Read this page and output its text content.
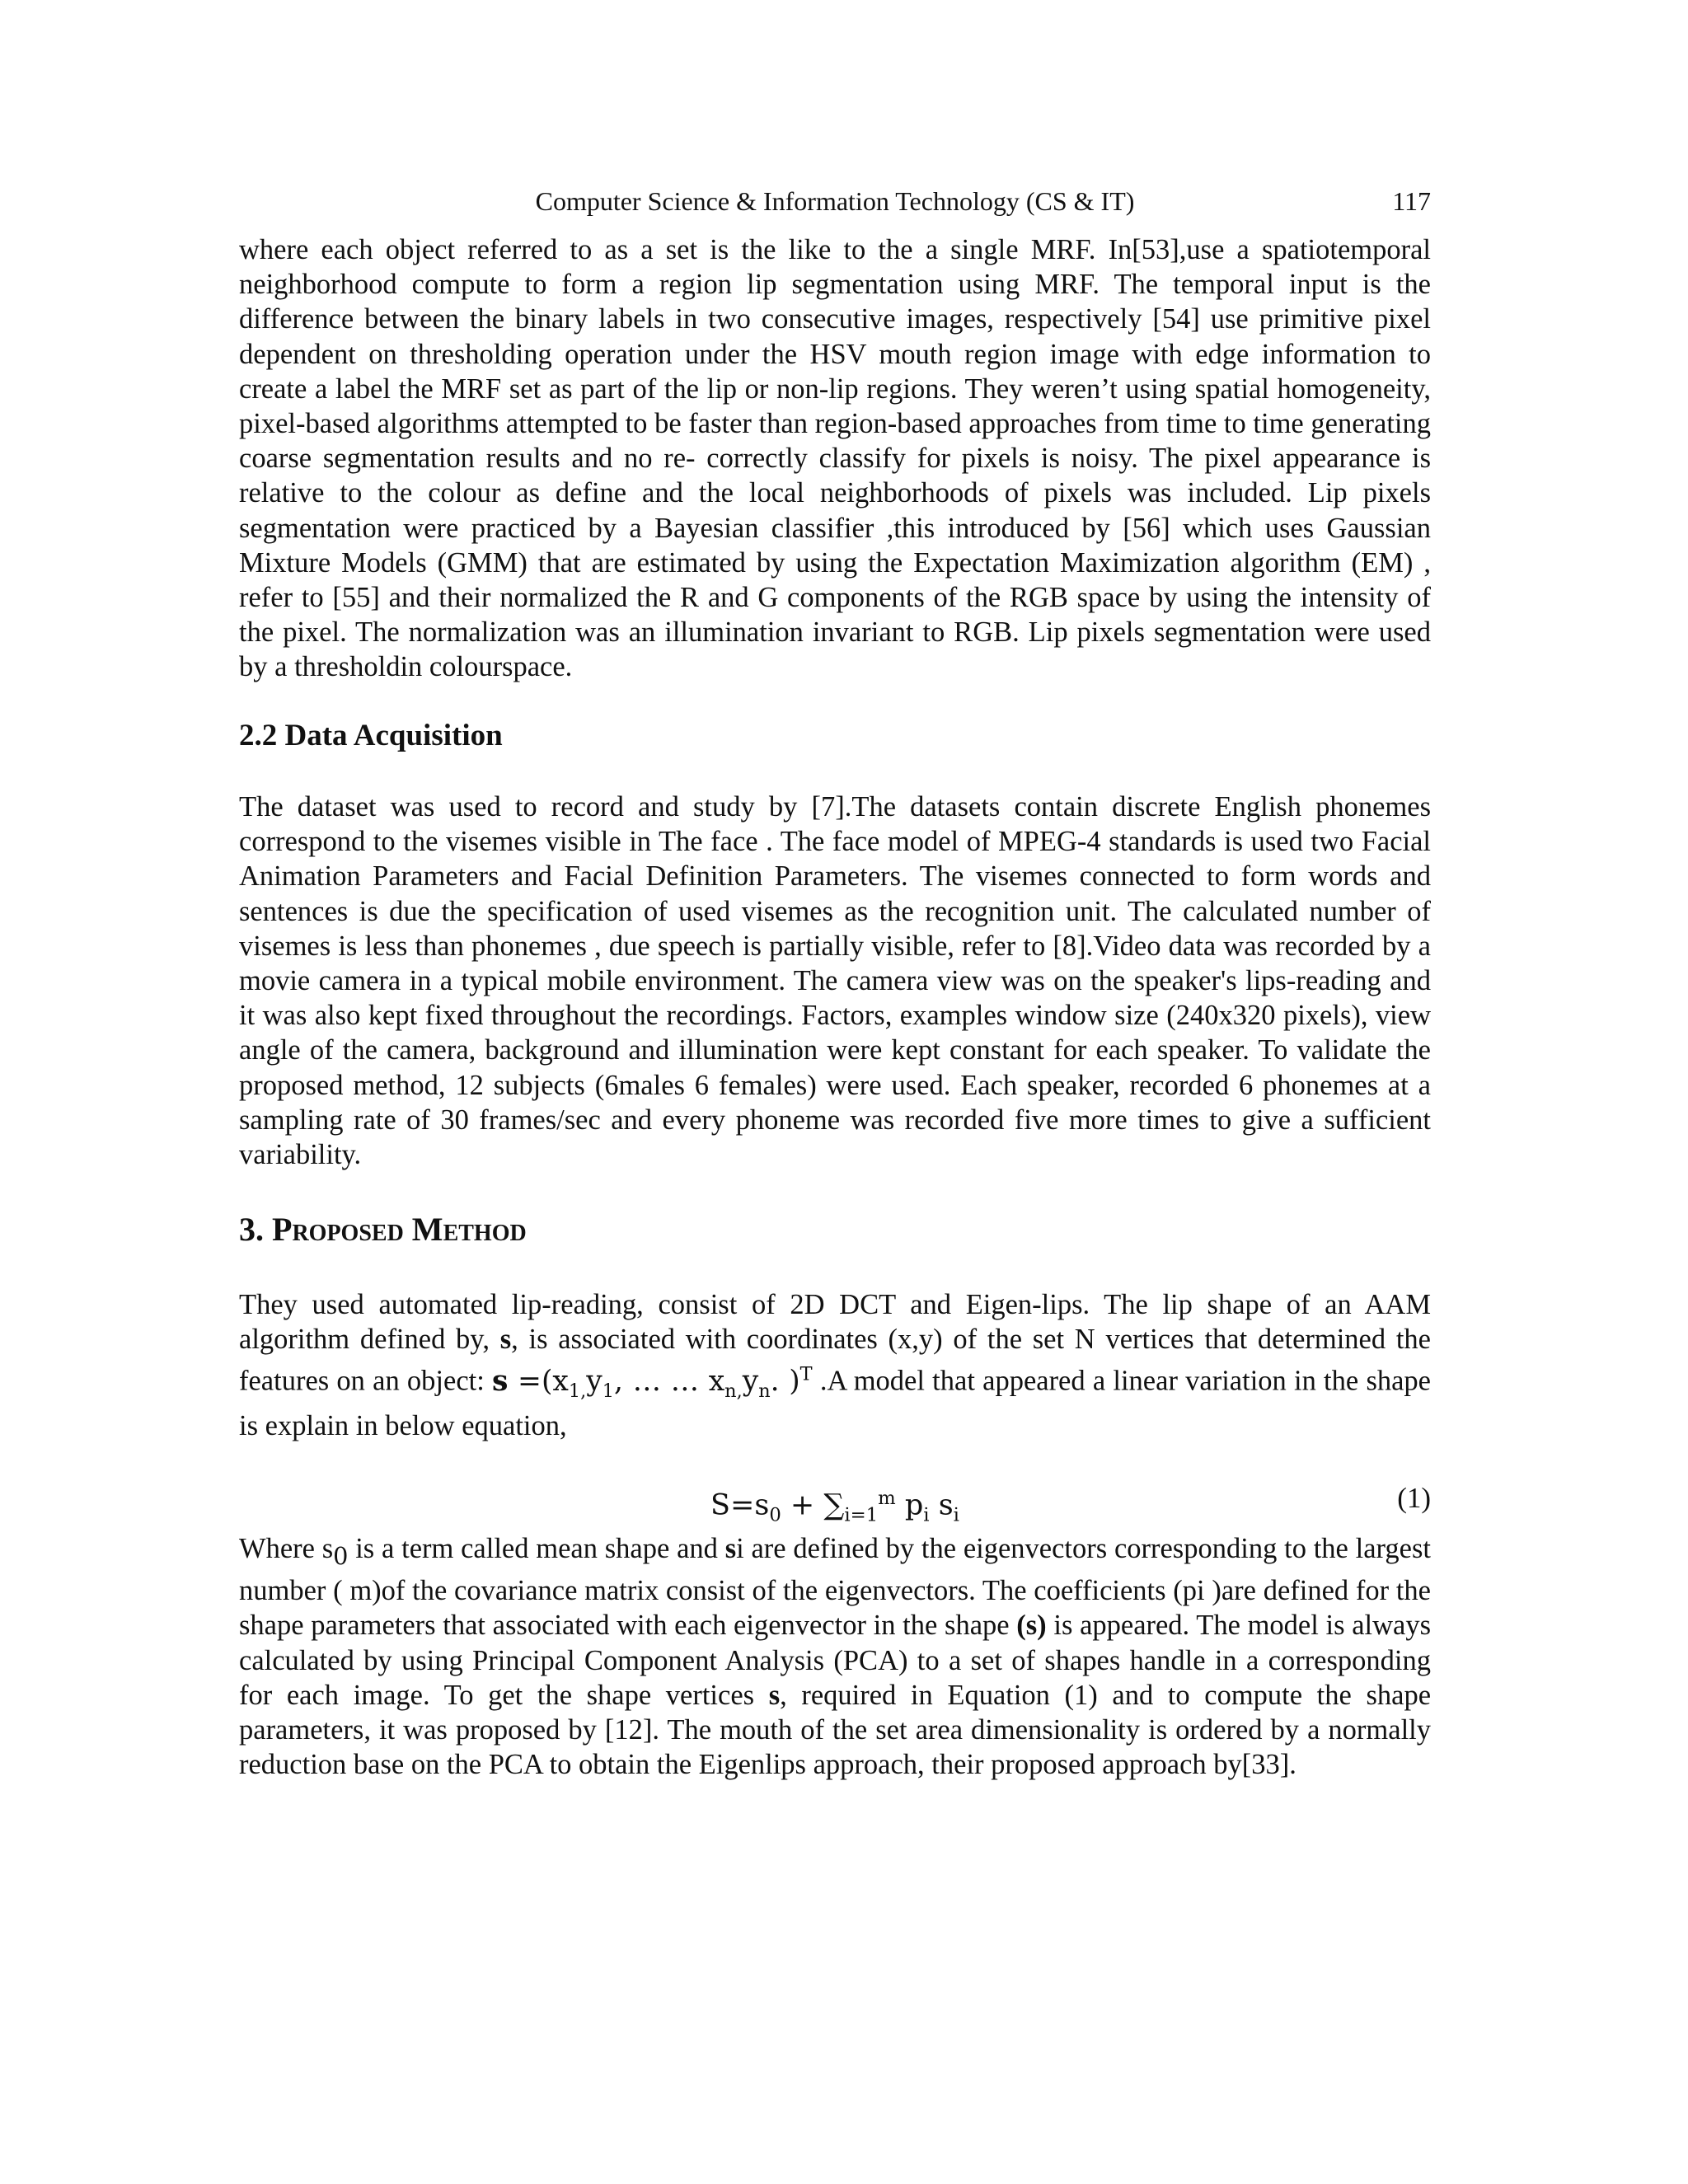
Computer Science & Information Technology (CS & IT)	117

where each object referred to as a set is the like to the a single MRF. In[53],use a spatiotemporal neighborhood compute to form a region lip segmentation using MRF. The temporal input is the difference between the binary labels in two consecutive images, respectively [54] use primitive pixel dependent on thresholding operation under the HSV mouth region image with edge information to create a label the MRF set as part of the lip or non-lip regions. They weren’t using spatial homogeneity, pixel-based algorithms attempted to be faster than region-based approaches from time to time generating coarse segmentation results and no re- correctly classify for pixels is noisy. The pixel appearance is relative to the colour as define and the local neighborhoods of pixels was included. Lip pixels segmentation were practiced by a Bayesian classifier ,this introduced by [56] which uses Gaussian Mixture Models (GMM) that are estimated by using the Expectation Maximization algorithm (EM) , refer to [55] and their normalized the R and G components of the RGB space by using the intensity of the pixel. The normalization was an illumination invariant to RGB. Lip pixels segmentation were used by a thresholdin colourspace.

2.2 Data Acquisition

The dataset was used to record and study by [7].The datasets contain discrete English phonemes correspond to the visemes visible in The face . The face model of MPEG-4 standards is used two Facial Animation Parameters and Facial Definition Parameters. The visemes connected to form words and sentences is due the specification of used visemes as the recognition unit. The calculated number of visemes is less than phonemes , due speech is partially visible, refer to [8].Video data was recorded by a movie camera in a typical mobile environment. The camera view was on the speaker's lips-reading and it was also kept fixed throughout the recordings. Factors, examples window size (240x320 pixels), view angle of the camera, background and illumination were kept constant for each speaker. To validate the proposed method, 12 subjects (6males 6 females) were used. Each speaker, recorded 6 phonemes at a sampling rate of 30 frames/sec and every phoneme was recorded five more times to give a sufficient variability.

3. Proposed Method

They used automated lip-reading, consist of 2D DCT and Eigen-lips. The lip shape of an AAM algorithm defined by, s, is associated with coordinates (x,y) of the set N vertices that determined the features on an object: $s =(x_{1,}y_1$, … … $x_{n,}y_n$. )$^T$ .A model that appeared a linear variation in the shape is explain in below equation,

$S=s_0 + \sum_{i=1}^m$ $p_i$ $s_i$
(1)

Where $s_0$ is a term called mean shape and si are defined by the eigenvectors corresponding to the largest number ( m)of the covariance matrix consist of the eigenvectors. The coefficients (pi )are defined for the shape parameters that associated with each eigenvector in the shape (s) is appeared. The model is always calculated by using Principal Component Analysis (PCA) to a set of shapes handle in a corresponding for each image. To get the shape vertices s, required in Equation (1) and to compute the shape parameters, it was proposed by [12]. The mouth of the set area dimensionality is ordered by a normally reduction base on the PCA to obtain the Eigenlips approach, their proposed approach by[33].
